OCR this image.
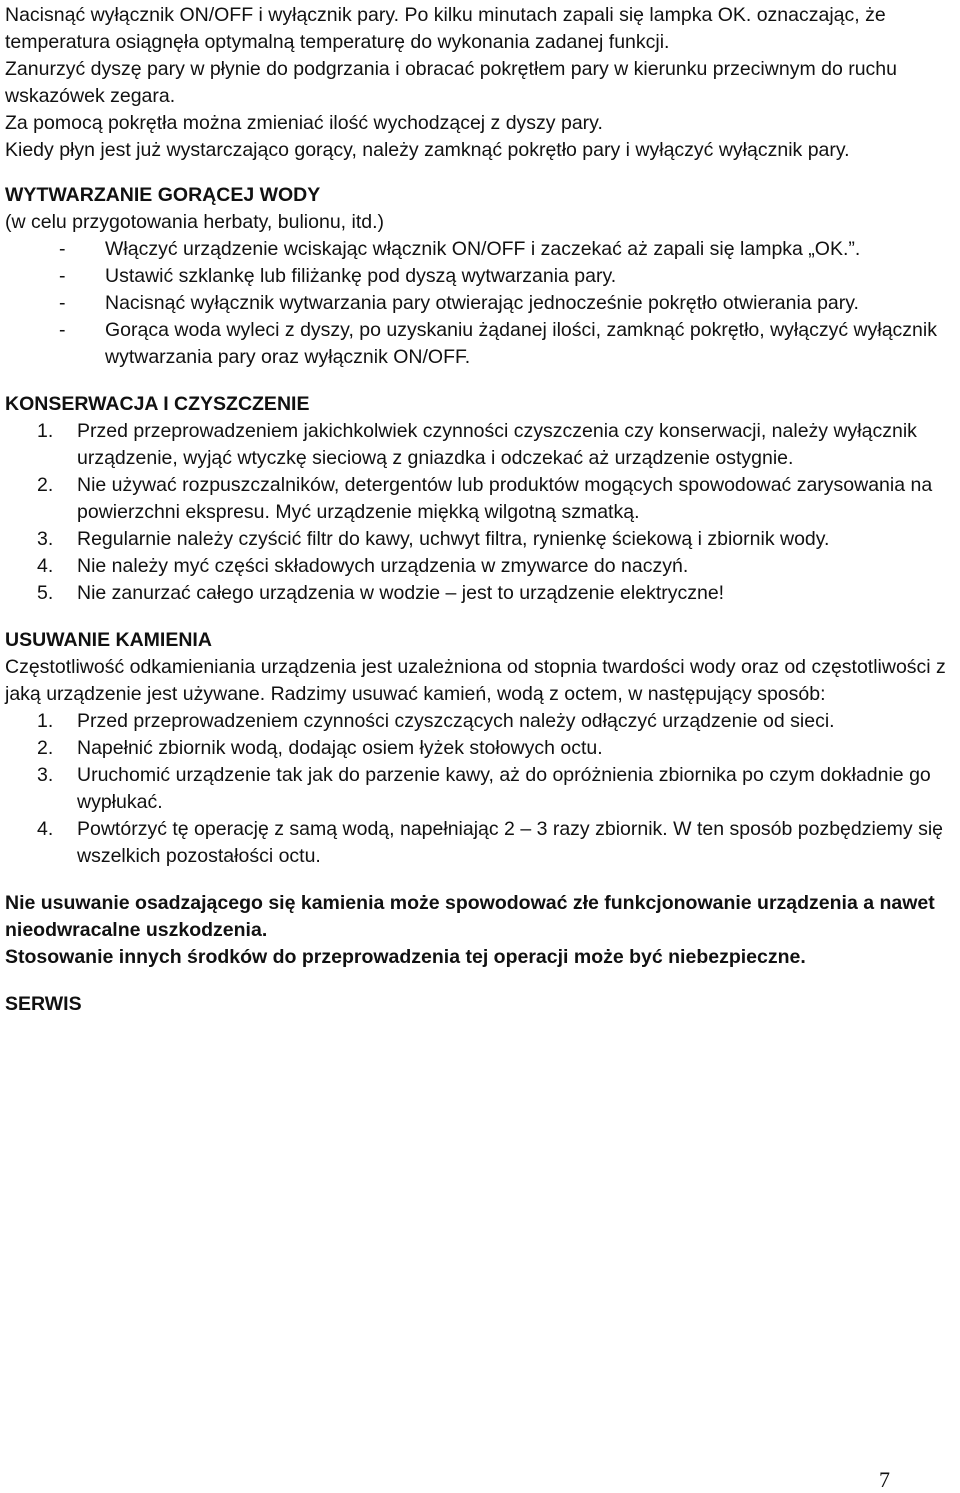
Nacisnąć wyłącznik ON/OFF i wyłącznik pary. Po kilku minutach zapali się lampka OK. oznaczając, że temperatura osiągnęła optymalną temperaturę do wykonania zadanej funkcji.

Zanurzyć dyszę pary w płynie do podgrzania i obracać pokrętłem pary w kierunku przeciwnym do ruchu wskazówek zegara.

Za pomocą pokrętła można zmieniać ilość wychodzącej z dyszy pary.

Kiedy płyn jest już wystarczająco gorący, należy zamknąć pokrętło pary i wyłączyć wyłącznik pary.

WYTWARZANIE GORĄCEJ WODY

(w celu przygotowania herbaty, bulionu, itd.)

- Włączyć urządzenie wciskając włącznik ON/OFF i zaczekać aż zapali się lampka „OK.”.
- Ustawić szklankę lub filiżankę pod dyszą wytwarzania pary.
- Nacisnąć wyłącznik wytwarzania pary otwierając jednocześnie pokrętło otwierania pary.
- Gorąca woda wyleci z dyszy, po uzyskaniu żądanej ilości, zamknąć pokrętło, wyłączyć wyłącznik wytwarzania pary oraz wyłącznik ON/OFF.

KONSERWACJA I CZYSZCZENIE

1. Przed przeprowadzeniem jakichkolwiek czynności czyszczenia czy konserwacji, należy wyłącznik urządzenie, wyjąć wtyczkę sieciową z gniazdka i odczekać aż urządzenie ostygnie.
2. Nie używać rozpuszczalników, detergentów lub produktów mogących spowodować zarysowania na powierzchni ekspresu. Myć urządzenie miękką wilgotną szmatką.
3. Regularnie należy czyścić filtr do kawy, uchwyt filtra, rynienkę ściekową i zbiornik wody.
4. Nie należy myć części składowych urządzenia w zmywarce do naczyń.
5. Nie zanurzać całego urządzenia w wodzie – jest to urządzenie elektryczne!

USUWANIE KAMIENIA

Częstotliwość odkamieniania urządzenia jest uzależniona od stopnia twardości wody oraz od częstotliwości z jaką urządzenie jest używane. Radzimy usuwać kamień, wodą z octem, w następujący sposób:

1. Przed przeprowadzeniem czynności czyszczących należy odłączyć urządzenie od sieci.
2. Napełnić zbiornik wodą, dodając osiem łyżek stołowych octu.
3. Uruchomić urządzenie tak jak do parzenie kawy, aż do opróżnienia zbiornika po czym dokładnie go wypłukać.
4. Powtórzyć tę operację z samą wodą, napełniając 2 – 3 razy zbiornik. W ten sposób pozbędziemy się wszelkich pozostałości octu.

Nie usuwanie osadzającego się kamienia może spowodować złe funkcjonowanie urządzenia a nawet nieodwracalne uszkodzenia.

Stosowanie innych środków do przeprowadzenia tej operacji może być niebezpieczne.

SERWIS

7
